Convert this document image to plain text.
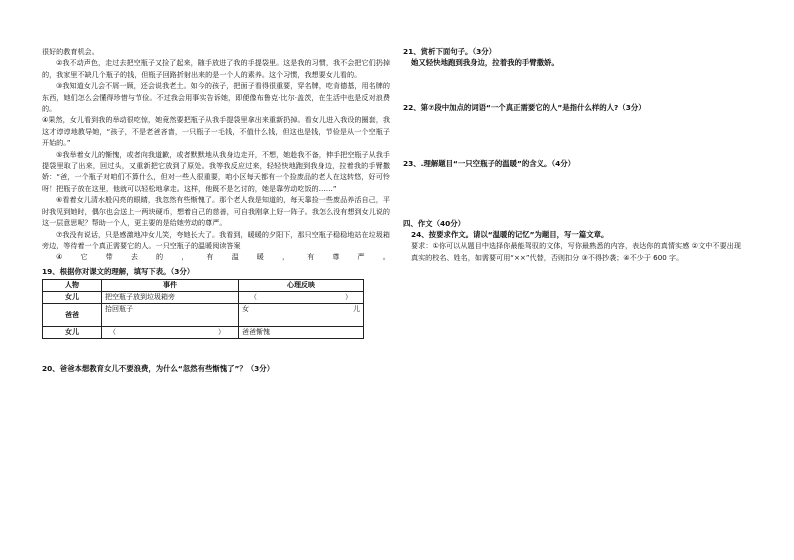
很好的教育机会。

②我不动声色，走过去把空瓶子又捡了起来，随手放进了我的手提袋里。这是我的习惯，我不会把它们扔掉的，我家里不缺几个瓶子的钱，但瓶子回路折射出来的是一个人的素养。这个习惯，我想要女儿看的。

③我知道女儿会不屑一顾，还会说我老土。如今的孩子，把面子看得很重要，穿名牌，吃肯德基，用名牌的东西，她们怎么会懂得珍惜与节俭。不过我会用事实告诉她，即便像布鲁克·比尔·盖茨，在生活中也是反对浪费的。

④果然，女儿看到我的举动很吃惊，她竟然要把瓶子从我手提袋里拿出来重新扔掉。看女儿进入我设的圈套，我这才谆谆地教导她，“孩子，不是老爸吝啬，一只瓶子一毛钱，不值什么钱，但这也是钱，节俭是从一个空瓶子开始的。”

⑤我举着女儿的惭愧，或者向我道歉，或者默默地从我身边走开，不想，她趁我不备，伸手把空瓶子从我手提袋里取了出来，回过头，又重新把它放到了原处。我等我反应过来，轻轻快地跑到我身边，拉着我的手臂撒娇：“爸，一个瓶子对咱们不算什么，但对一些人很重要，咱小区每天都有一个捡废品的老人在这转悠，好可怜呀！把瓶子放在这里，他就可以轻松地拿走。这样，他既不是乞讨的，她是靠劳动吃饭的……”

⑥看着女儿清水般闪亮的眼睛，我忽然有些惭愧了。那个老人我是知道的，每天靠捡一些废品养活自己，平时我见到她时，偶尔也会送上一两块硬币，想着自己的慈善，可自我刚拿上好一阵子。我怎么没有想到女儿说的这一层意思呢？帮助一个人，更主要的是给她劳动的尊严。

⑦我没有说话，只是感激地冲女儿笑，夸她长大了。我看到，暖暖的夕阳下，那只空瓶子稳稳地站在垃圾箱旁边，等待着一个真正需要它的人。一只空瓶子的温暖阅读答案

④	它	带	去	的	，	有	温	暖	，	有	尊	严	。

19、根据你对课文的理解，填写下表。（3分）

人物	事件	心理反映
女儿	把空瓶子放到垃圾箱旁	（ ）

爸爸	拾回瓶子	女 儿

女儿	（ ）	爸爸惭愧

20、爸爸本想教育女儿不要浪费，为什么“忽然有些惭愧了”？（3分）

21、赏析下面句子。（3分）

她又轻快地跑到我身边，拉着我的手臂撒娇。

22、第⑦段中加点的词语“一个真正需要它的人”是指什么样的人?（3分）

23、.理解题目“一只空瓶子的温暖”的含义。（4分）

四、作文（40分）

24、按要求作文。请以“温暖的记忆”为题目，写一篇文章。

要求：①你可以从题目中选择你最能驾驭的文体，写你最熟悉的内容，表达你的真情实感 ②文中不要出现真实的校名、姓名，如需要可用“××”代替，否则扣分 ③不得抄袭；④不少于 600 字。
